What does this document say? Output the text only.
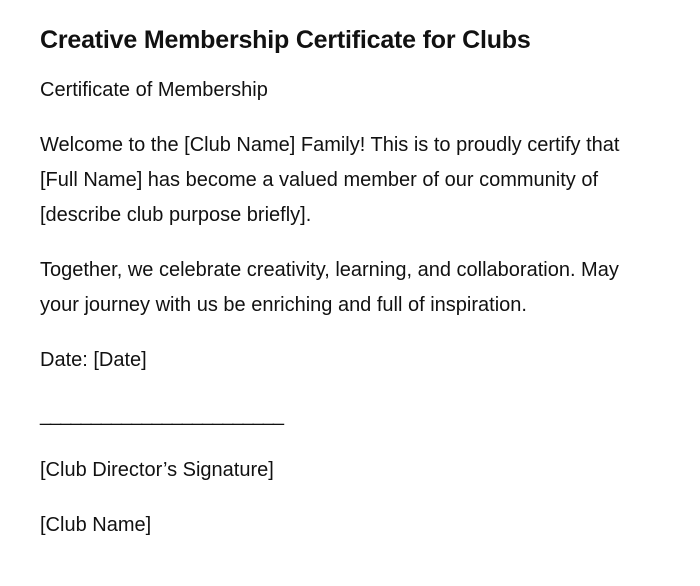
Creative Membership Certificate for Clubs
Certificate of Membership
Welcome to the [Club Name] Family! This is to proudly certify that [Full Name] has become a valued member of our community of [describe club purpose briefly].
Together, we celebrate creativity, learning, and collaboration. May your journey with us be enriching and full of inspiration.
Date: [Date]
________________________
[Club Director’s Signature]
[Club Name]
